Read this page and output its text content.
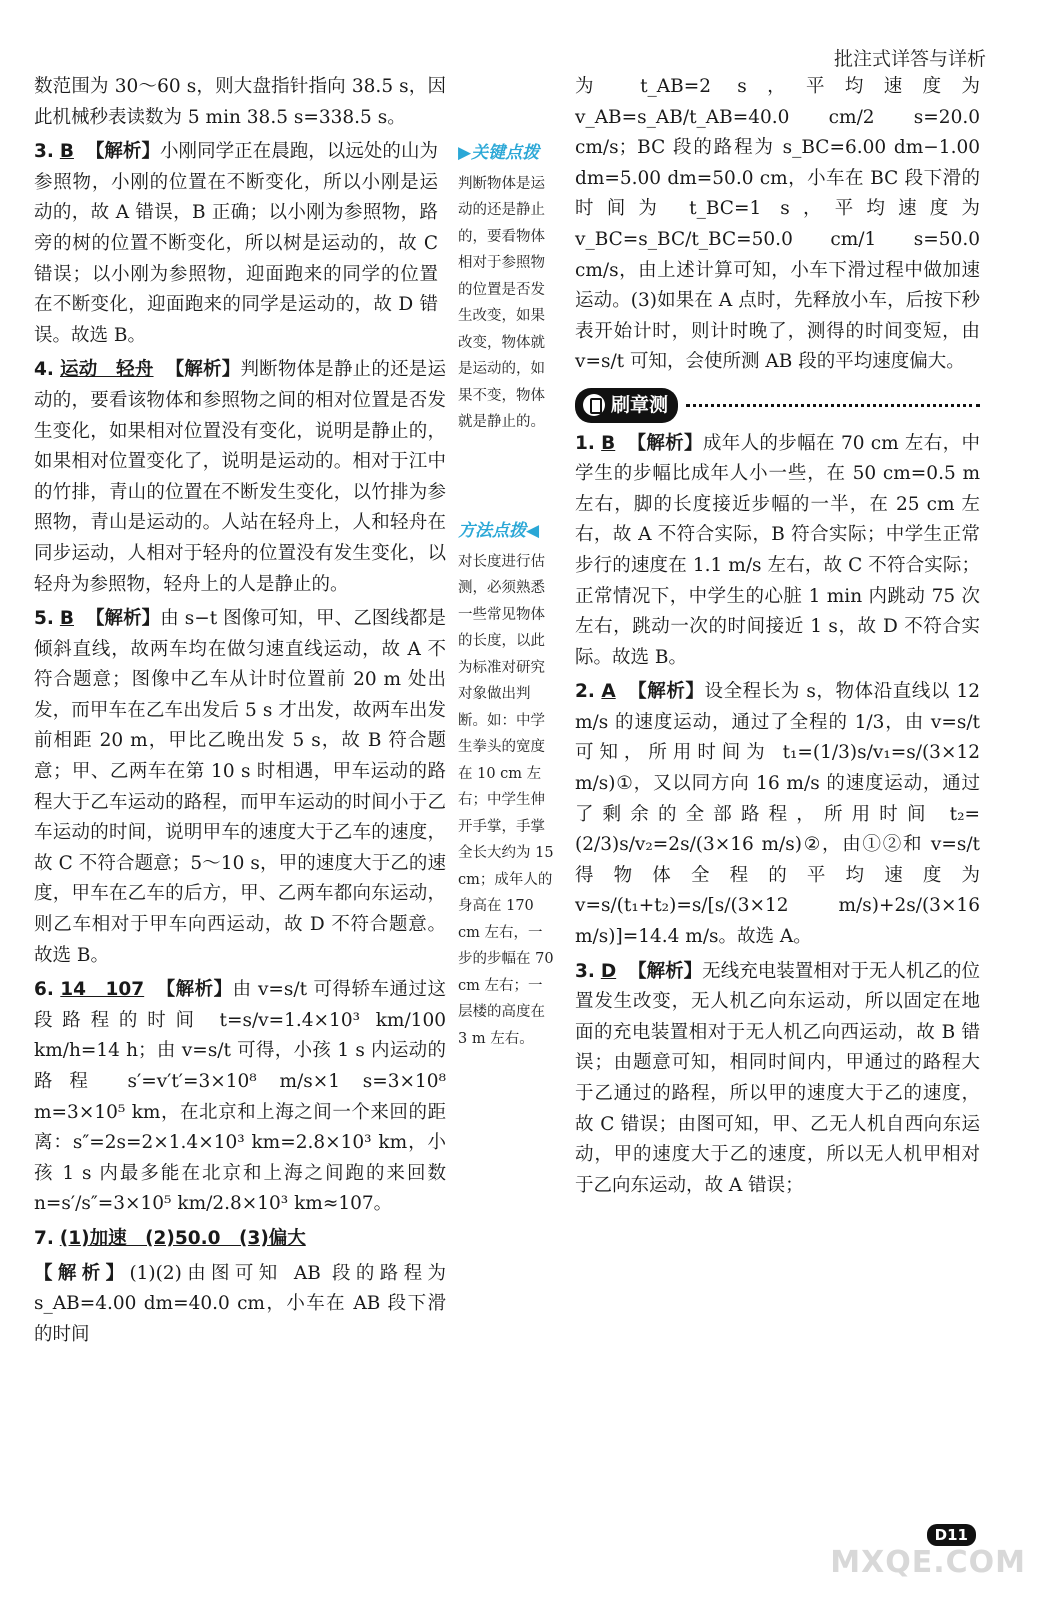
批注式详答与详析
数范围为 30～60 s，则大盘指针指向 38.5 s，因此机械秒表读数为 5 min 38.5 s=338.5 s。
3. B 【解析】小刚同学正在晨跑，以远处的山为参照物，小刚的位置在不断变化，所以小刚是运动的，故 A 错误，B 正确；以小刚为参照物，路旁的树的位置不断变化，所以树是运动的，故 C 错误；以小刚为参照物，迎面跑来的同学的位置在不断变化，迎面跑来的同学是运动的，故 D 错误。故选 B。
4. 运动　轻舟 【解析】判断物体是静止的还是运动的，要看该物体和参照物之间的相对位置是否发生变化，如果相对位置没有变化，说明是静止的，如果相对位置变化了，说明是运动的。相对于江中的竹排，青山的位置在不断发生变化，以竹排为参照物，青山是运动的。人站在轻舟上，人和轻舟在同步运动，人相对于轻舟的位置没有发生变化，以轻舟为参照物，轻舟上的人是静止的。
5. B 【解析】由 s−t 图像可知，甲、乙图线都是倾斜直线，故两车均在做匀速直线运动，故 A 不符合题意；图像中乙车从计时位置前 20 m 处出发，而甲车在乙车出发后 5 s 才出发，故两车出发前相距 20 m，甲比乙晚出发 5 s，故 B 符合题意；甲、乙两车在第 10 s 时相遇，甲车运动的路程大于乙车运动的路程，而甲车运动的时间小于乙车运动的时间，说明甲车的速度大于乙车的速度，故 C 不符合题意；5～10 s，甲的速度大于乙的速度，甲车在乙车的后方，甲、乙两车都向东运动，则乙车相对于甲车向西运动，故 D 不符合题意。故选 B。
6. 14　107 【解析】由 v=s/t 可得轿车通过这段路程的时间 t=s/v=1.4×10³ km/100 km/h=14 h；由 v=s/t 可得，小孩 1 s 内运动的路程 s′=v′t′=3×10⁸ m/s×1 s=3×10⁸ m=3×10⁵ km，在北京和上海之间一个来回的距离：s″=2s=2×1.4×10³ km=2.8×10³ km，小孩 1 s 内最多能在北京和上海之间跑的来回数 n=s′/s″=3×10⁵ km/2.8×10³ km≈107。
7. (1)加速　(2)50.0　(3)偏大
【解析】(1)(2)由图可知 AB 段的路程为 s_AB=4.00 dm=40.0 cm，小车在 AB 段下滑的时间
▶关键点拨
判断物体是运动的还是静止的，要看物体相对于参照物的位置是否发生改变，如果改变，物体就是运动的，如果不变，物体就是静止的。
方法点拨◀
对长度进行估测，必须熟悉一些常见物体的长度，以此为标准对研究对象做出判断。如：中学生拳头的宽度在 10 cm 左右；中学生伸开手掌，手掌全长大约为 15 cm；成年人的身高在 170 cm 左右，一步的步幅在 70 cm 左右；一层楼的高度在 3 m 左右。
为 t_AB=2 s，平均速度为 v_AB=s_AB/t_AB=40.0 cm/2 s=20.0 cm/s；BC 段的路程为 s_BC=6.00 dm−1.00 dm=5.00 dm=50.0 cm，小车在 BC 段下滑的时间为 t_BC=1 s，平均速度为 v_BC=s_BC/t_BC=50.0 cm/1 s=50.0 cm/s，由上述计算可知，小车下滑过程中做加速运动。(3)如果在 A 点时，先释放小车，后按下秒表开始计时，则计时晚了，测得的时间变短，由 v=s/t 可知，会使所测 AB 段的平均速度偏大。
刷章测
1. B 【解析】成年人的步幅在 70 cm 左右，中学生的步幅比成年人小一些，在 50 cm=0.5 m 左右，脚的长度接近步幅的一半，在 25 cm 左右，故 A 不符合实际，B 符合实际；中学生正常步行的速度在 1.1 m/s 左右，故 C 不符合实际；正常情况下，中学生的心脏 1 min 内跳动 75 次左右，跳动一次的时间接近 1 s，故 D 不符合实际。故选 B。
2. A 【解析】设全程长为 s，物体沿直线以 12 m/s 的速度运动，通过了全程的 1/3，由 v=s/t 可知，所用时间为 t₁=(1/3)s/v₁=s/(3×12 m/s)①，又以同方向 16 m/s 的速度运动，通过了剩余的全部路程，所用时间 t₂=(2/3)s/v₂=2s/(3×16 m/s)②，由①②和 v=s/t 得物体全程的平均速度为 v=s/(t₁+t₂)=s/[s/(3×12 m/s)+2s/(3×16 m/s)]=14.4 m/s。故选 A。
3. D 【解析】无线充电装置相对于无人机乙的位置发生改变，无人机乙向东运动，所以固定在地面的充电装置相对于无人机乙向西运动，故 B 错误；由题意可知，相同时间内，甲通过的路程大于乙通过的路程，所以甲的速度大于乙的速度，故 C 错误；由图可知，甲、乙无人机自西向东运动，甲的速度大于乙的速度，所以无人机甲相对于乙向东运动，故 A 错误；
D11
MXQE.COM
